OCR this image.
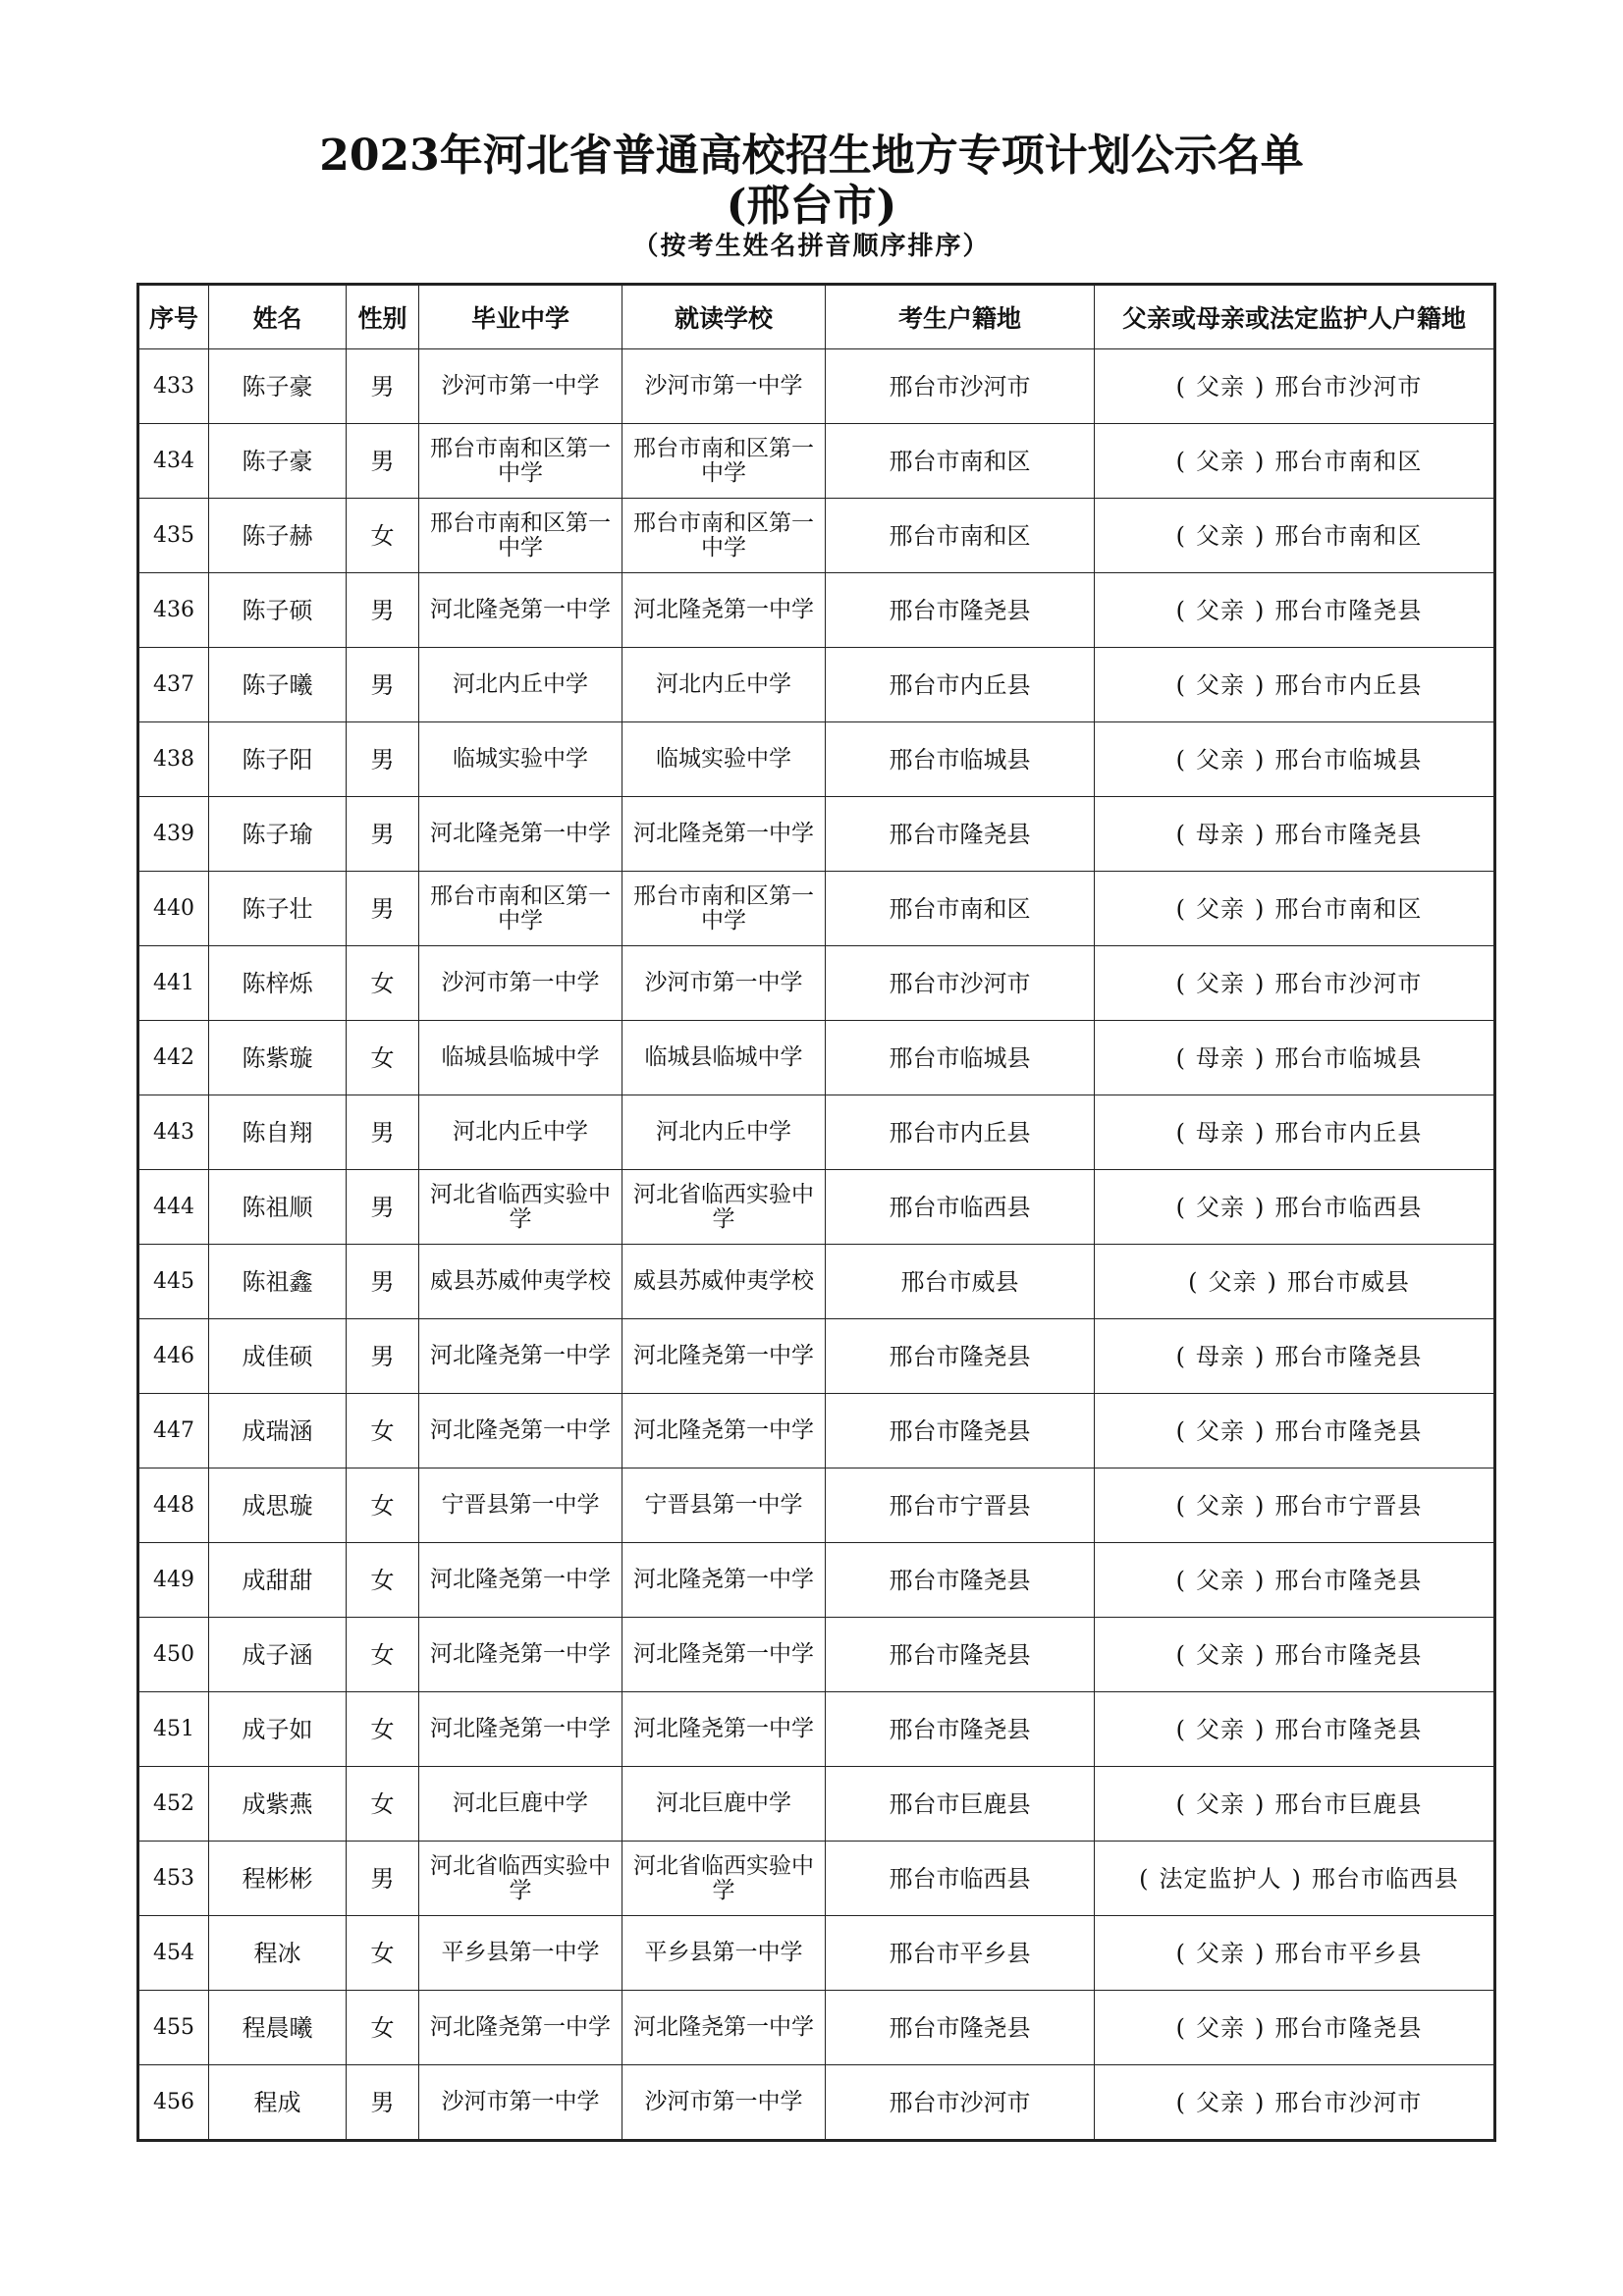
2023年河北省普通高校招生地方专项计划公示名单
(邢台市)
（按考生姓名拼音顺序排序）
序号	姓名	性别	毕业中学	就读学校	考生户籍地	父亲或母亲或法定监护人户籍地
433	陈子豪	男	沙河市第一中学	沙河市第一中学	邢台市沙河市	( 父亲 ) 邢台市沙河市
434	陈子豪	男	邢台市南和区第一中学	邢台市南和区第一中学	邢台市南和区	( 父亲 ) 邢台市南和区
435	陈子赫	女	邢台市南和区第一中学	邢台市南和区第一中学	邢台市南和区	( 父亲 ) 邢台市南和区
436	陈子硕	男	河北隆尧第一中学	河北隆尧第一中学	邢台市隆尧县	( 父亲 ) 邢台市隆尧县
437	陈子曦	男	河北内丘中学	河北内丘中学	邢台市内丘县	( 父亲 ) 邢台市内丘县
438	陈子阳	男	临城实验中学	临城实验中学	邢台市临城县	( 父亲 ) 邢台市临城县
439	陈子瑜	男	河北隆尧第一中学	河北隆尧第一中学	邢台市隆尧县	( 母亲 ) 邢台市隆尧县
440	陈子壮	男	邢台市南和区第一中学	邢台市南和区第一中学	邢台市南和区	( 父亲 ) 邢台市南和区
441	陈梓烁	女	沙河市第一中学	沙河市第一中学	邢台市沙河市	( 父亲 ) 邢台市沙河市
442	陈紫璇	女	临城县临城中学	临城县临城中学	邢台市临城县	( 母亲 ) 邢台市临城县
443	陈自翔	男	河北内丘中学	河北内丘中学	邢台市内丘县	( 母亲 ) 邢台市内丘县
444	陈祖顺	男	河北省临西实验中学	河北省临西实验中学	邢台市临西县	( 父亲 ) 邢台市临西县
445	陈祖鑫	男	威县苏威仲夷学校	威县苏威仲夷学校	邢台市威县	( 父亲 ) 邢台市威县
446	成佳硕	男	河北隆尧第一中学	河北隆尧第一中学	邢台市隆尧县	( 母亲 ) 邢台市隆尧县
447	成瑞涵	女	河北隆尧第一中学	河北隆尧第一中学	邢台市隆尧县	( 父亲 ) 邢台市隆尧县
448	成思璇	女	宁晋县第一中学	宁晋县第一中学	邢台市宁晋县	( 父亲 ) 邢台市宁晋县
449	成甜甜	女	河北隆尧第一中学	河北隆尧第一中学	邢台市隆尧县	( 父亲 ) 邢台市隆尧县
450	成子涵	女	河北隆尧第一中学	河北隆尧第一中学	邢台市隆尧县	( 父亲 ) 邢台市隆尧县
451	成子如	女	河北隆尧第一中学	河北隆尧第一中学	邢台市隆尧县	( 父亲 ) 邢台市隆尧县
452	成紫燕	女	河北巨鹿中学	河北巨鹿中学	邢台市巨鹿县	( 父亲 ) 邢台市巨鹿县
453	程彬彬	男	河北省临西实验中学	河北省临西实验中学	邢台市临西县	( 法定监护人 ) 邢台市临西县
454	程冰	女	平乡县第一中学	平乡县第一中学	邢台市平乡县	( 父亲 ) 邢台市平乡县
455	程晨曦	女	河北隆尧第一中学	河北隆尧第一中学	邢台市隆尧县	( 父亲 ) 邢台市隆尧县
456	程成	男	沙河市第一中学	沙河市第一中学	邢台市沙河市	( 父亲 ) 邢台市沙河市
